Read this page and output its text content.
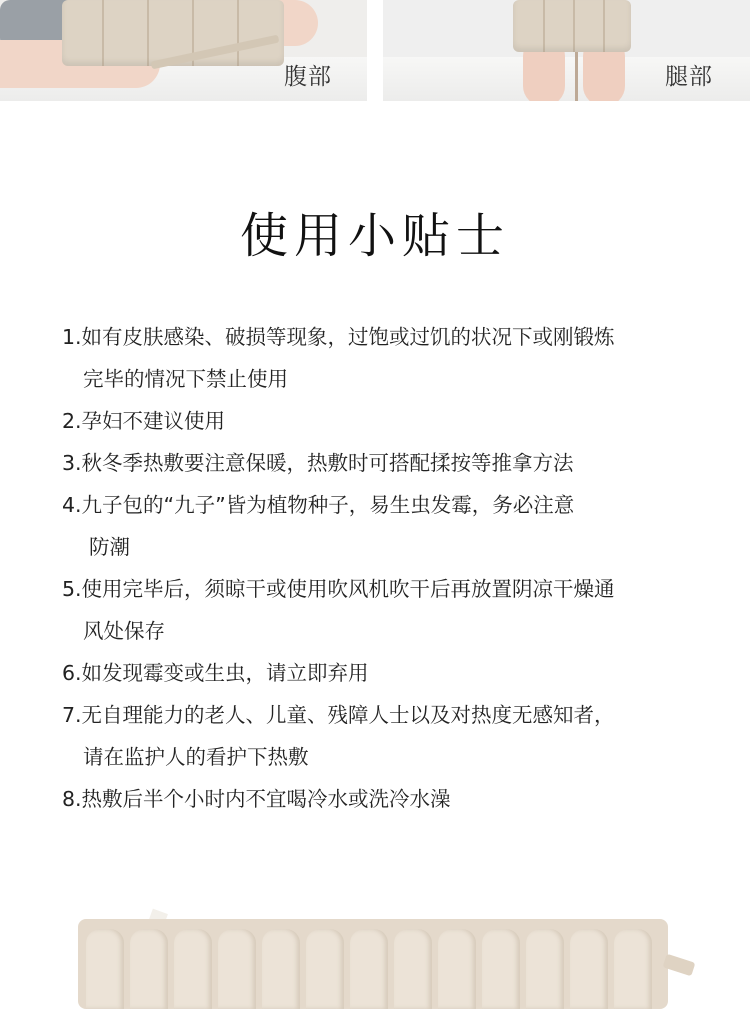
腹部	腿部
使用小贴士
1.如有皮肤感染、破损等现象，过饱或过饥的状况下或刚锻炼
完毕的情况下禁止使用
2.孕妇不建议使用
3.秋冬季热敷要注意保暖，热敷时可搭配揉按等推拿方法
4.九子包的“九子”皆为植物种子，易生虫发霉，务必注意
防潮
5.使用完毕后，须晾干或使用吹风机吹干后再放置阴凉干燥通
风处保存
6.如发现霉变或生虫，请立即弃用
7.无自理能力的老人、儿童、残障人士以及对热度无感知者，
请在监护人的看护下热敷
8.热敷后半个小时内不宜喝冷水或洗冷水澡
